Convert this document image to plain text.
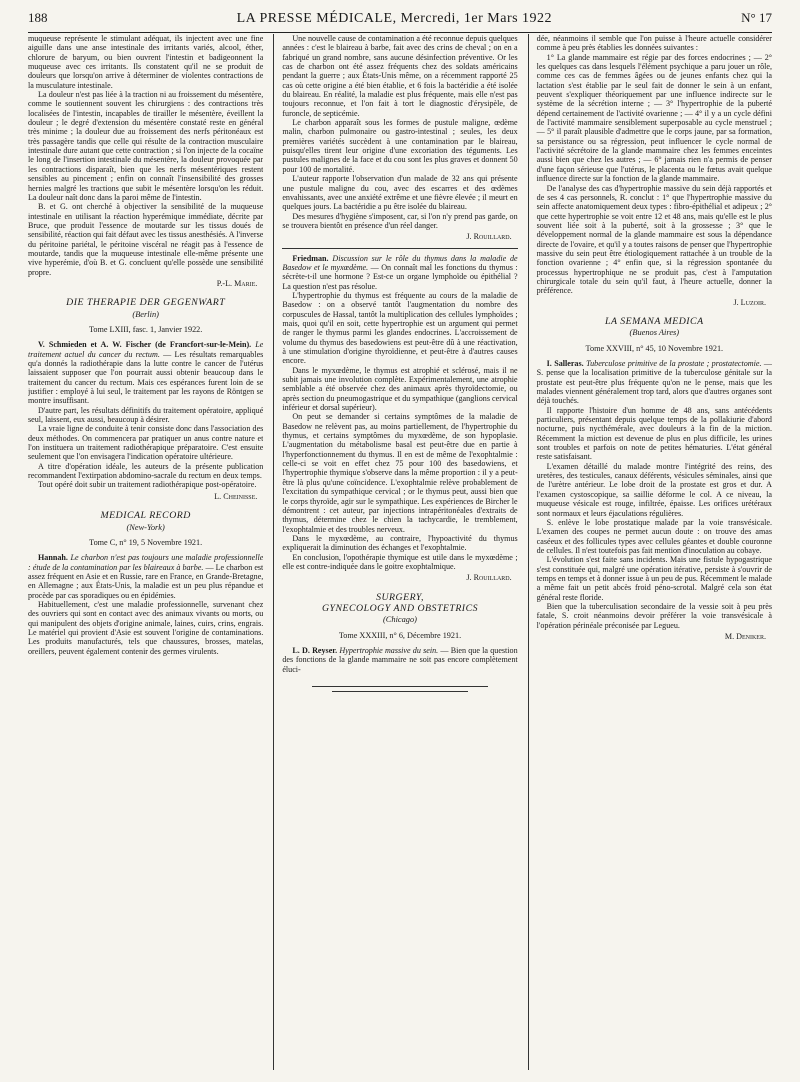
188	LA PRESSE MÉDICALE, Mercredi, 1er Mars 1922	N° 17

muqueuse représente le stimulant adéquat, ils injectent avec une fine aiguille dans une anse intestinale des irritants variés, alcool, éther, chlorure de baryum, ou bien ouvrent l'intestin et badigeonnent la muqueuse avec ces irritants. Ils constatent qu'il ne se produit de douleurs que lorsqu'on arrive à déterminer de violentes contractions de la musculature intestinale.

La douleur n'est pas liée à la traction ni au froissement du mésentère, comme le soutiennent souvent les chirurgiens : des contractions très localisées de l'intestin, incapables de tirailler le mésentère, éveillent la douleur ; le degré d'extension du mésentère constaté reste en général très minime ; la douleur due au froissement des nerfs péritonéaux est très passagère tandis que celle qui résulte de la contraction musculaire intestinale dure autant que cette contraction ; si l'on injecte de la cocaïne le long de l'insertion intestinale du mésentère, la douleur provoquée par les contractions disparaît, bien que les nerfs mésentériques restent sensibles au pincement ; enfin on connaît l'insensibilité des grosses hernies malgré les tractions que subit le mésentère lorsqu'on les réduit. La douleur naît donc dans la paroi même de l'intestin.

B. et G. ont cherché à objectiver la sensibilité de la muqueuse intestinale en utilisant la réaction hyperémique immédiate, décrite par Bruce, que produit l'essence de moutarde sur les tissus doués de sensibilité, réaction qui fait défaut avec les tissus anesthésiés. A l'inverse du péritoine pariétal, le péritoine viscéral ne réagit pas à l'essence de moutarde, tandis que la muqueuse intestinale elle-même présente une vive hyperémie, d'où B. et G. concluent qu'elle possède une sensibilité propre.

P.-L. Marie.
DIE THERAPIE DER GEGENWART
(Berlin)
Tome LXIII, fasc. 1, Janvier 1922.

V. Schmieden et A. W. Fischer (de Francfort-sur-le-Mein). Le traitement actuel du cancer du rectum. — Les résultats remarquables qu'a donnés la radiothérapie dans la lutte contre le cancer de l'utérus laissaient supposer que l'on pourrait aussi obtenir beaucoup dans le traitement du cancer du rectum. Mais ces espérances furent loin de se justifier : employé à lui seul, le traitement par les rayons de Röntgen se montre insuffisant.

D'autre part, les résultats définitifs du traitement opératoire, appliqué seul, laissent, eux aussi, beaucoup à désirer.

La vraie ligne de conduite à tenir consiste donc dans l'association des deux méthodes. On commencera par pratiquer un anus contre nature et l'on instituera un traitement radiothérapique préparatoire. C'est ensuite seulement que l'on envisagera l'indication opératoire ultérieure.

A titre d'opération idéale, les auteurs de la présente publication recommandent l'extirpation abdomino-sacrale du rectum en deux temps.

Tout opéré doit subir un traitement radiothérapique post-opératoire.

L. Cheinisse.
MEDICAL RECORD
(New-York)
Tome C, n° 19, 5 Novembre 1921.

Hannah. Le charbon n'est pas toujours une maladie professionnelle : étude de la contamination par les blaireaux à barbe. — Le charbon est assez fréquent en Asie et en Russie, rare en France, en Grande-Bretagne, en Allemagne ; aux États-Unis, la maladie est un peu plus répandue et procède par cas sporadiques ou en épidémies.

Habituellement, c'est une maladie professionnelle, survenant chez des ouvriers qui sont en contact avec des animaux vivants ou morts, ou qui manipulent des objets d'origine animale, laines, cuirs, crins, engrais. Le matériel qui provient d'Asie est souvent l'origine de contaminations. Les produits manufacturés, tels que chaussures, brosses, matelas, oreillers, peuvent également contenir des germes virulents.

Une nouvelle cause de contamination a été reconnue depuis quelques années : c'est le blaireau à barbe, fait avec des crins de cheval ; on en a fabriqué un grand nombre, sans aucune désinfection préventive. Or les cas de charbon ont été assez fréquents chez des soldats américains pendant la guerre ; aux États-Unis même, on a récemment rapporté 25 cas où cette origine a été bien établie, et 6 fois la bactéridie a été isolée du blaireau. En réalité, la maladie est plus fréquente, mais elle n'est pas toujours reconnue, et l'on fait à tort le diagnostic d'érysipèle, de furoncle, de septicémie.

Le charbon apparaît sous les formes de pustule maligne, œdème malin, charbon pulmonaire ou gastro-intestinal ; seules, les deux premières variétés succèdent à une contamination par le blaireau, puisqu'elles tirent leur origine d'une excoriation des téguments. Les pustules malignes de la face et du cou sont les plus graves et donnent 50 pour 100 de mortalité.

L'auteur rapporte l'observation d'un malade de 32 ans qui présente une pustule maligne du cou, avec des escarres et des œdèmes envahissants, avec une anxiété extrême et une fièvre élevée ; il meurt en quelques jours. La bactéridie a pu être isolée du blaireau.

Des mesures d'hygiène s'imposent, car, si l'on n'y prend pas garde, on se trouvera bientôt en présence d'un réel danger.

J. Rouillard.

Friedman. Discussion sur le rôle du thymus dans la maladie de Basedow et le myxœdème. — On connaît mal les fonctions du thymus : sécrète-t-il une hormone ? Est-ce un organe lymphoïde ou épithélial ? La question n'est pas résolue.

L'hypertrophie du thymus est fréquente au cours de la maladie de Basedow : on a observé tantôt l'augmentation du nombre des corpuscules de Hassal, tantôt la multiplication des cellules lymphoïdes ; mais, quoi qu'il en soit, cette hypertrophie est un argument qui permet de ranger le thymus parmi les glandes endocrines. L'accroissement de volume du thymus des basedowiens est peut-être dû à une réactivation, à une stimulation d'origine thyroïdienne, et peut-être à d'autres causes encore.

Dans le myxœdème, le thymus est atrophié et sclérosé, mais il ne subit jamais une involution complète. Expérimentalement, une atrophie semblable a été observée chez des animaux après thyroïdectomie, ou après section du pneumogastrique et du sympathique (ganglions cervical inférieur et dorsal supérieur).

On peut se demander si certains symptômes de la maladie de Basedow ne relèvent pas, au moins partiellement, de l'hypertrophie du thymus, et certains symptômes du myxœdème, de son hypoplasie. L'augmentation du métabolisme basal est peut-être due en partie à l'hyperfonctionnement du thymus. Il en est de même de l'exophtalmie : celle-ci se voit en effet chez 75 pour 100 des basedowiens, et l'hypertrophie thymique s'observe dans la même proportion : il y a peut-être là plus qu'une coïncidence. L'exophtalmie relève probablement de l'excitation du sympathique cervical ; or le thymus peut, aussi bien que le corps thyroïde, agir sur le sympathique. Les expériences de Bircher le démontrent : cet auteur, par injections intrapéritonéales d'extraits de thymus, détermine chez le chien la tachycardie, le tremblement, l'exophtalmie et des troubles nerveux.

Dans le myxœdème, au contraire, l'hypoactivité du thymus expliquerait la diminution des échanges et l'exophtalmie.

En conclusion, l'opothérapie thymique est utile dans le myxœdème ; elle est contre-indiquée dans le goitre exophtalmique.

J. Rouillard.
SURGERY,
GYNECOLOGY AND OBSTETRICS
(Chicago)
Tome XXXIII, n° 6, Décembre 1921.

L. D. Reyser. Hypertrophie massive du sein. — Bien que la question des fonctions de la glande mammaire ne soit pas encore complètement éluci-

dée, néanmoins il semble que l'on puisse à l'heure actuelle considérer comme à peu près établies les données suivantes :

1° La glande mammaire est régie par des forces endocrines ; — 2° les quelques cas dans lesquels l'élément psychique a paru jouer un rôle, comme ces cas de femmes âgées ou de jeunes enfants chez qui la lactation s'est établie par le seul fait de donner le sein à un enfant, peuvent s'expliquer théoriquement par une influence indirecte sur le système de la sécrétion interne ; — 3° l'hypertrophie de la puberté dépend certainement de l'activité ovarienne ; — 4° il y a un cycle défini de l'activité mammaire sensiblement superposable au cycle menstruel ; — 5° il paraît plausible d'admettre que le corps jaune, par sa formation, sa persistance ou sa régression, peut influencer le cycle normal de l'activité sécrétoire de la glande mammaire chez les femmes enceintes aussi bien que chez les autres ; — 6° jamais rien n'a permis de penser d'une façon sérieuse que l'utérus, le placenta ou le fœtus avait quelque influence directe sur la fonction de la glande mammaire.

De l'analyse des cas d'hypertrophie massive du sein déjà rapportés et de ses 4 cas personnels, R. conclut : 1° que l'hypertrophie massive du sein affecte anatomiquement deux types : fibro-épithélial et adipeux ; 2° que cette hypertrophie se voit entre 12 et 48 ans, mais qu'elle est le plus souvent liée soit à la puberté, soit à la grossesse ; 3° que le développement normal de la glande mammaire est sous la dépendance directe de l'ovaire, et qu'il y a toutes raisons de penser que l'hypertrophie massive du sein peut être étiologiquement rattachée à un trouble de la fonction ovarienne ; 4° enfin que, si la régression spontanée du processus hypertrophique ne se produit pas, c'est à l'amputation chirurgicale totale du sein qu'il faut, à l'heure actuelle, donner la préférence.

J. Luzoir.
LA SEMANA MEDICA
(Buenos Aires)
Tome XXVIII, n° 45, 10 Novembre 1921.

I. Salleras. Tuberculose primitive de la prostate ; prostatectomie. — S. pense que la localisation primitive de la tuberculose génitale sur la prostate est peut-être plus fréquente qu'on ne le pense, mais que les malades viennent généralement trop tard, alors que d'autres organes sont déjà touchés.

Il rapporte l'histoire d'un homme de 48 ans, sans antécédents particuliers, présentant depuis quelque temps de la pollakiurie d'abord nocturne, puis nycthémérale, avec douleurs à la fin de la miction. Récemment la miction est devenue de plus en plus difficile, les urines sont troubles et parfois on note de petites hématuries. L'état général reste satisfaisant.

L'examen détaillé du malade montre l'intégrité des reins, des uretères, des testicules, canaux déférents, vésicules séminales, ainsi que de l'urètre antérieur. Le lobe droit de la prostate est gros et dur. A l'examen cystoscopique, sa saillie déforme le col. A ce niveau, la muqueuse vésicale est rouge, infiltrée, épaisse. Les orifices urétéraux sont normaux et leurs éjaculations régulières.

S. enlève le lobe prostatique malade par la voie transvésicale. L'examen des coupes ne permet aucun doute : on trouve des amas caséeux et des follicules types avec cellules géantes et double couronne de cellules. Il n'est toutefois pas fait mention d'inoculation au cobaye.

L'évolution s'est faite sans incidents. Mais une fistule hypogastrique s'est constituée qui, malgré une opération itérative, persiste à s'ouvrir de temps en temps et à donner issue à un peu de pus. Récemment le malade a même fait un petit abcès froid péno-scrotal. Malgré cela son état général reste floride.

Bien que la tuberculisation secondaire de la vessie soit à peu près fatale, S. croit néanmoins devoir préférer la voie transvésicale à l'opération périnéale préconisée par Legueu.

M. Deniker.
